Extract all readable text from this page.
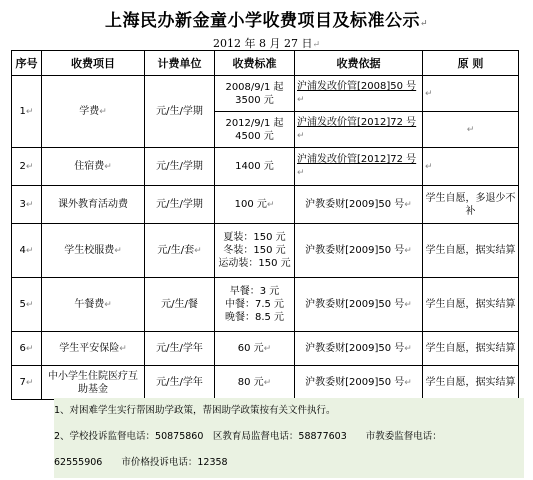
上海民办新金童小学收费项目及标准公示↵
2012 年 8 月 27 日↵
序号	收费项目	计费单位	收费标准	收费依据	原 则
1↵	学费↵	元/生/学期	2008/9/1 起
3500 元	沪浦发改价管[2008]50 号↵	↵

			2012/9/1 起
4500 元	沪浦发改价管[2012]72 号↵	↵
2↵	住宿费↵	元/生/学期	1400 元	沪浦发改价管[2012]72 号↵	↵
3↵	课外教育活动费	元/生/学期	100 元↵	沪教委财[2009]50 号↵	学生自愿，多退少不补
4↵	学生校服费↵	元/生/套↵	夏装：150 元
冬装：150 元
运动装：150 元	沪教委财[2009]50 号↵	学生自愿，据实结算
5↵	午餐费↵	元/生/餐	早餐：3 元
中餐：7.5 元
晚餐：8.5 元	沪教委财[2009]50 号↵	学生自愿，据实结算
6↵	学生平安保险↵	元/生/学年	60 元↵	沪教委财[2009]50 号↵	学生自愿，据实结算
7↵	中小学生住院医疗互助基金	元/生/学年	80 元↵	沪教委财[2009]50 号↵	学生自愿，据实结算
1、对困难学生实行帮困助学政策，帮困助学政策按有关文件执行。
2、学校投诉监督电话：50875860　区教育局监督电话：58877603　　市教委监督电话：
62555906　　市价格投诉电话：12358
